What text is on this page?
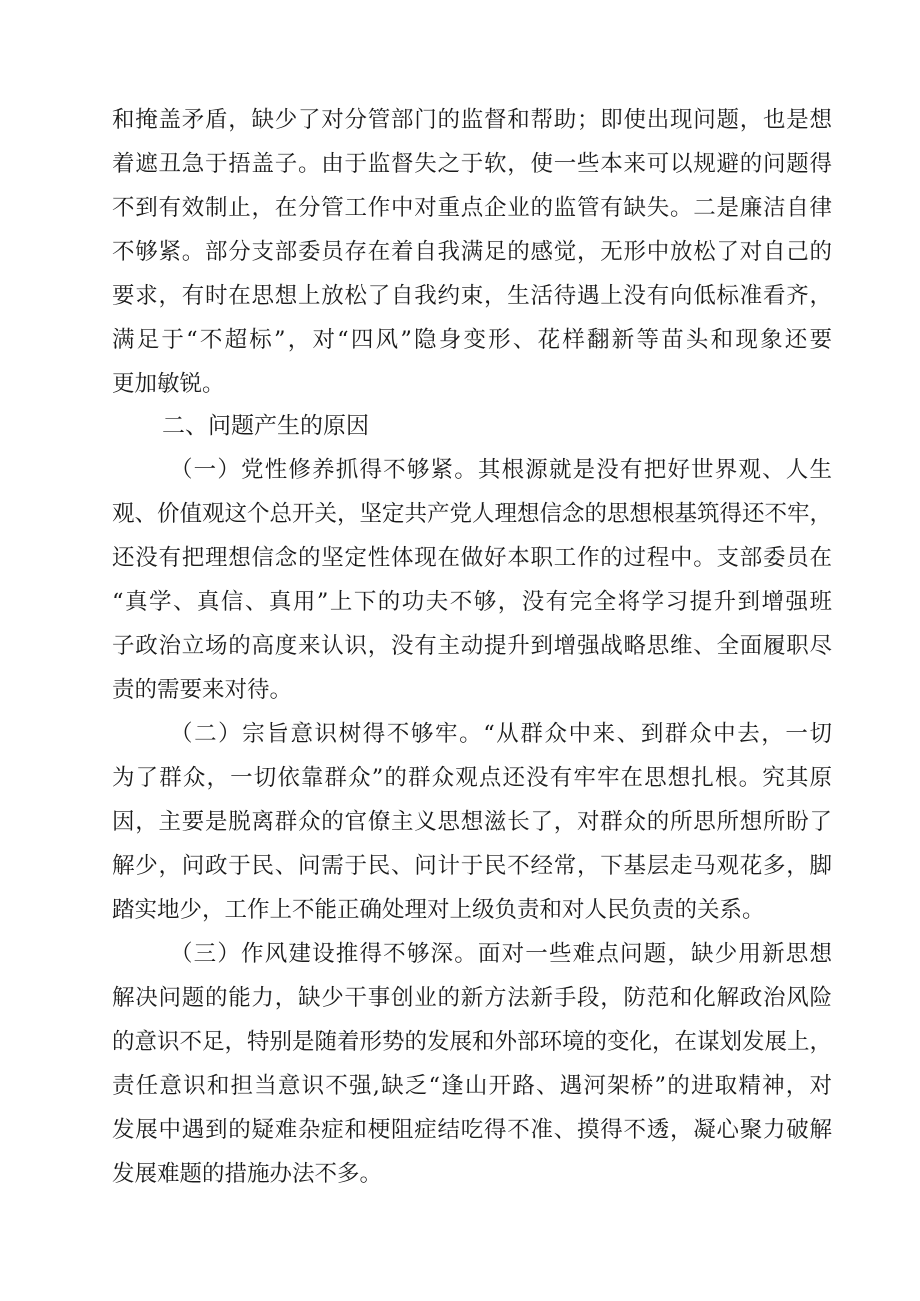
和掩盖矛盾，缺少了对分管部门的监督和帮助；即使出现问题，也是想
着遮丑急于捂盖子。由于监督失之于软，使一些本来可以规避的问题得
不到有效制止，在分管工作中对重点企业的监管有缺失。二是廉洁自律
不够紧。部分支部委员存在着自我满足的感觉，无形中放松了对自己的
要求，有时在思想上放松了自我约束，生活待遇上没有向低标准看齐，
满足于“不超标”，对“四风”隐身变形、花样翻新等苗头和现象还要
更加敏锐。
二、问题产生的原因
（一）党性修养抓得不够紧。其根源就是没有把好世界观、人生
观、价值观这个总开关，坚定共产党人理想信念的思想根基筑得还不牢，
还没有把理想信念的坚定性体现在做好本职工作的过程中。支部委员在
“真学、真信、真用”上下的功夫不够，没有完全将学习提升到增强班
子政治立场的高度来认识，没有主动提升到增强战略思维、全面履职尽
责的需要来对待。
（二）宗旨意识树得不够牢。“从群众中来、到群众中去，一切
为了群众，一切依靠群众”的群众观点还没有牢牢在思想扎根。究其原
因，主要是脱离群众的官僚主义思想滋长了，对群众的所思所想所盼了
解少，问政于民、问需于民、问计于民不经常，下基层走马观花多，脚
踏实地少，工作上不能正确处理对上级负责和对人民负责的关系。
（三）作风建设推得不够深。面对一些难点问题，缺少用新思想
解决问题的能力，缺少干事创业的新方法新手段，防范和化解政治风险
的意识不足，特别是随着形势的发展和外部环境的变化，在谋划发展上，
责任意识和担当意识不强,缺乏“逢山开路、遇河架桥”的进取精神，对
发展中遇到的疑难杂症和梗阻症结吃得不准、摸得不透，凝心聚力破解
发展难题的措施办法不多。
